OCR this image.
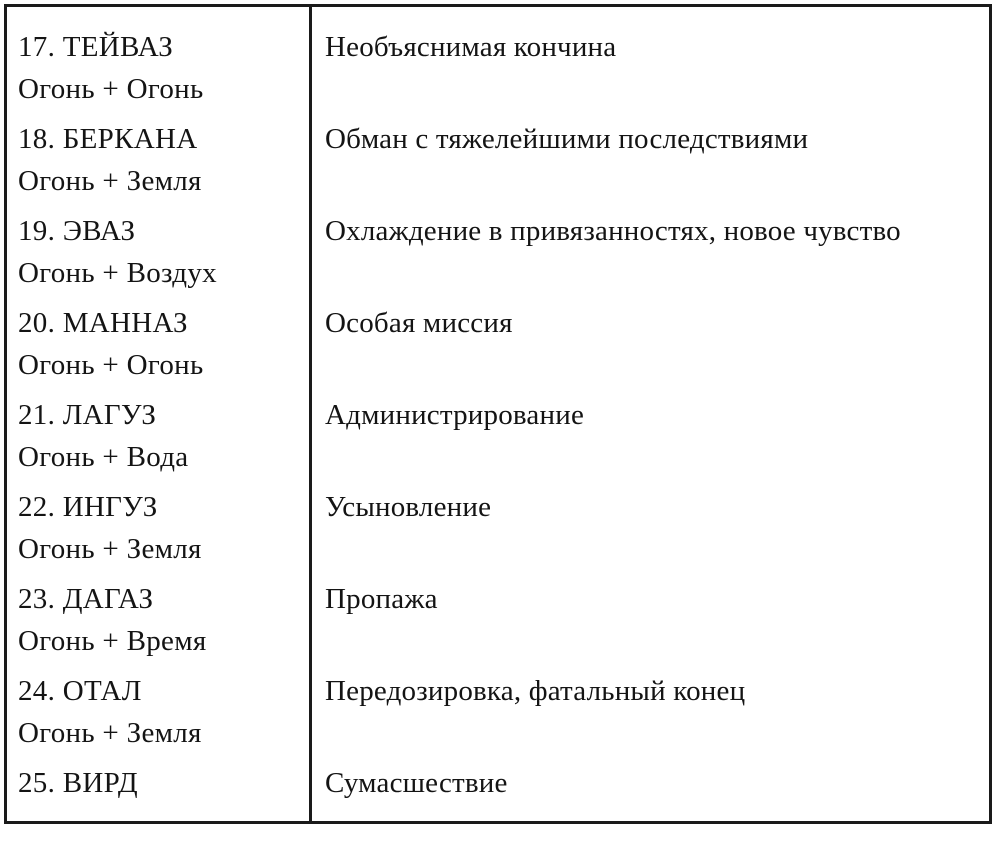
17. ТЕЙВАЗ
Огонь + Огонь
Необъяснимая кончина
18. БЕРКАНА
Огонь + Земля
Обман с тяжелейшими последствиями
19. ЭВАЗ
Огонь + Воздух
Охлаждение в привязанностях, новое чувство
20. МАННАЗ
Огонь + Огонь
Особая миссия
21. ЛАГУЗ
Огонь + Вода
Администрирование
22. ИНГУЗ
Огонь + Земля
Усыновление
23. ДАГАЗ
Огонь + Время
Пропажа
24. ОТАЛ
Огонь + Земля
Передозировка, фатальный конец
25. ВИРД	Сумасшествие
